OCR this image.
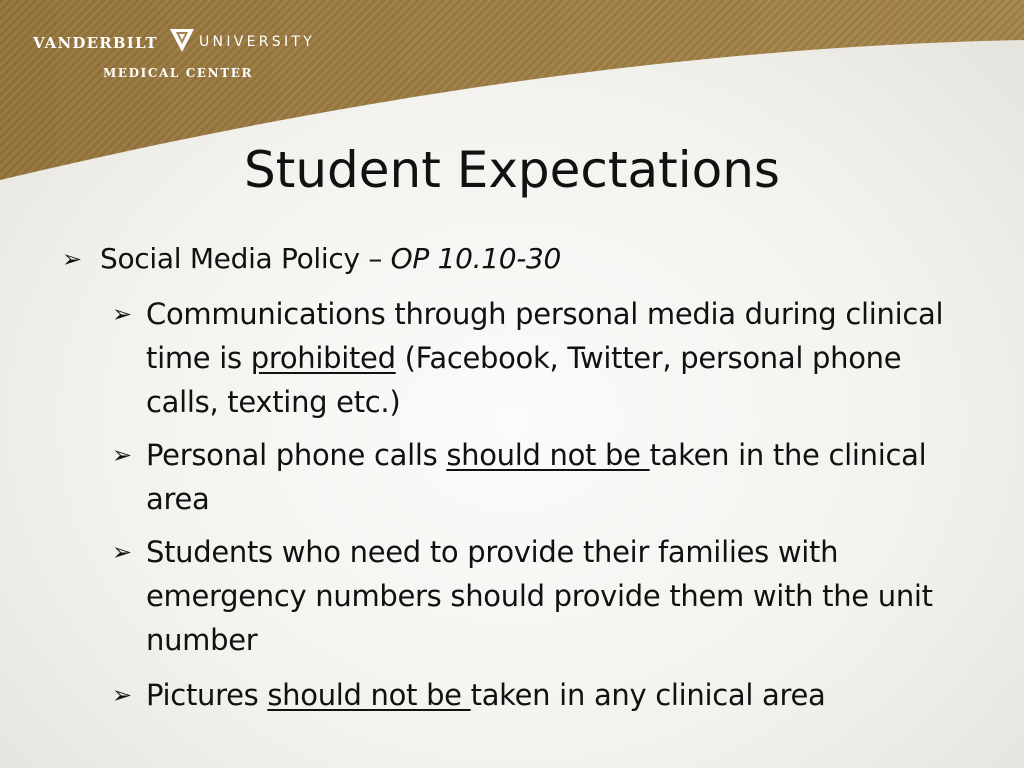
VANDERBILT	UNIVERSITY
MEDICAL CENTER
Student Expectations
➢ Social Media Policy – OP 10.10-30
➢ Communications through personal media during clinical time is prohibited (Facebook, Twitter, personal phone calls, texting etc.)
➢ Personal phone calls should not be taken in the clinical area
➢ Students who need to provide their families with emergency numbers should provide them with the unit number
➢ Pictures should not be taken in any clinical area
